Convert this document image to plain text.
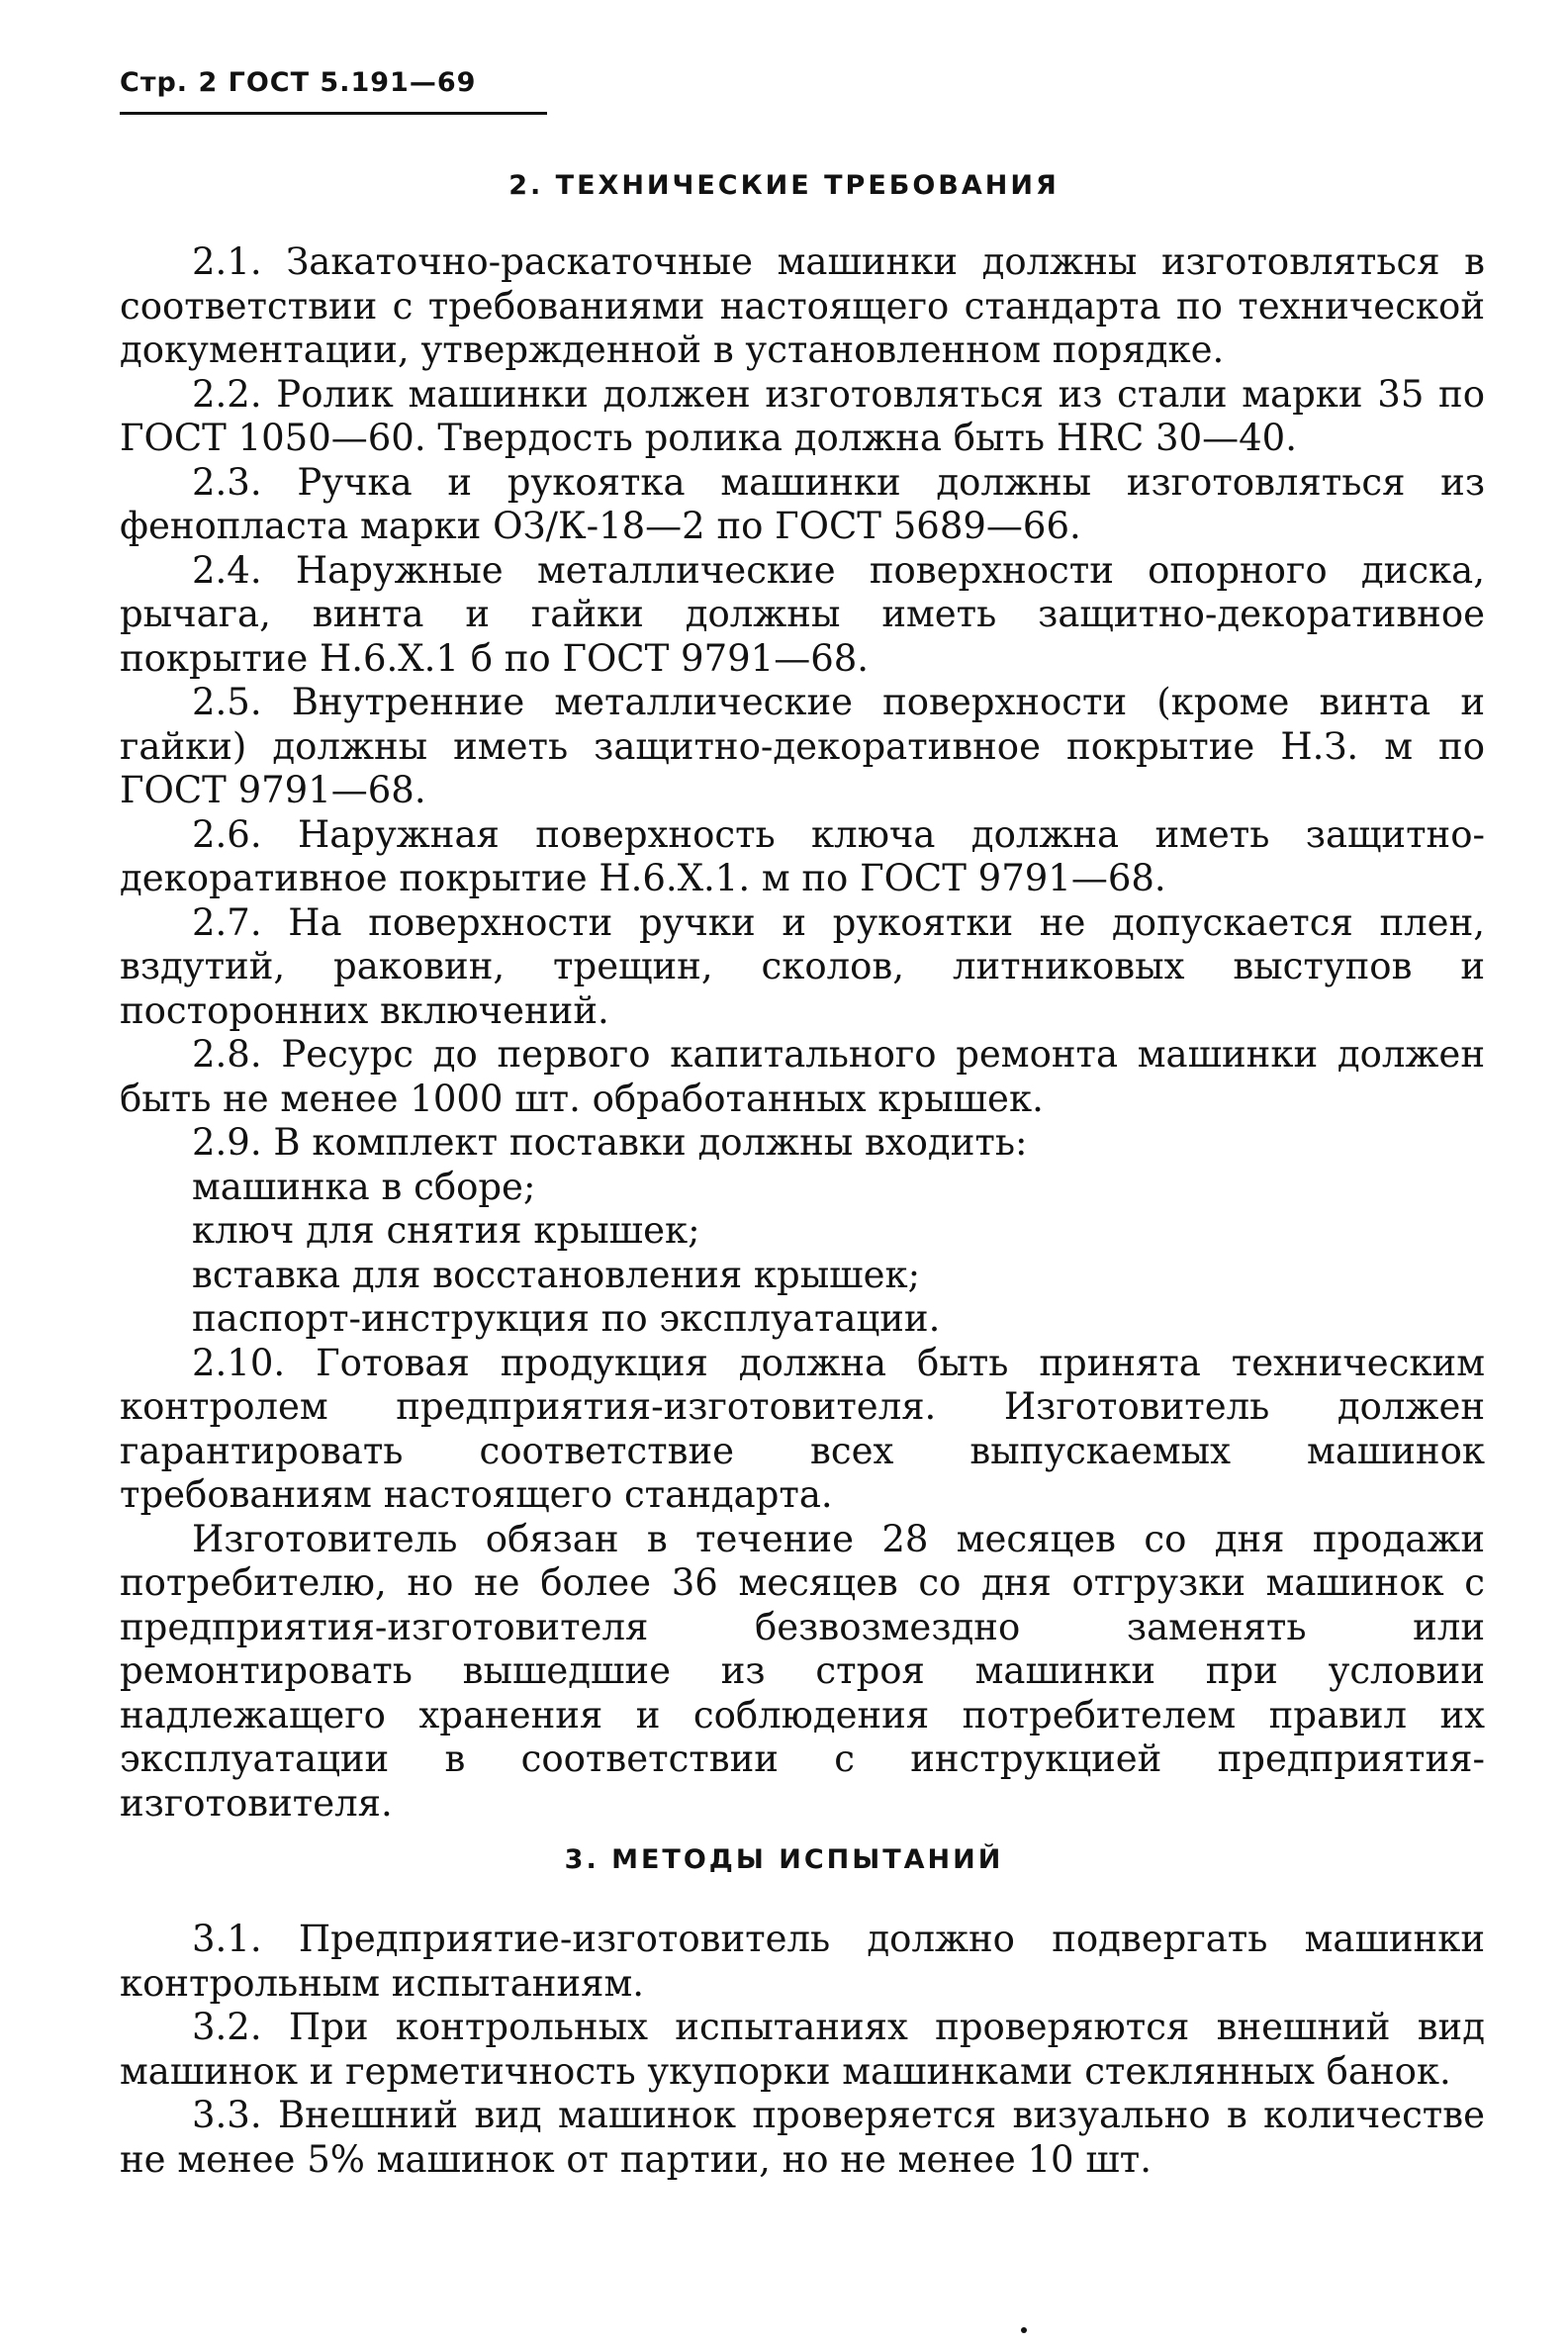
Стр. 2 ГОСТ 5.191—69
2. ТЕХНИЧЕСКИЕ ТРЕБОВАНИЯ

2.1. Закаточно-раскаточные машинки должны изготовляться в соответствии с требованиями настоящего стандарта по технической документации, утвержденной в установленном порядке.

2.2. Ролик машинки должен изготовляться из стали марки 35 по ГОСТ 1050—60. Твердость ролика должна быть HRC 30—40.

2.3. Ручка и рукоятка машинки должны изготовляться из фенопласта марки ОЗ/К-18—2 по ГОСТ 5689—66.

2.4. Наружные металлические поверхности опорного диска, рычага, винта и гайки должны иметь защитно-декоративное покрытие Н.6.Х.1 б по ГОСТ 9791—68.

2.5. Внутренние металлические поверхности (кроме винта и гайки) должны иметь защитно-декоративное покрытие Н.З. м по ГОСТ 9791—68.

2.6. Наружная поверхность ключа должна иметь защитно-декоративное покрытие Н.6.Х.1. м по ГОСТ 9791—68.

2.7. На поверхности ручки и рукоятки не допускается плен, вздутий, раковин, трещин, сколов, литниковых выступов и посторонних включений.

2.8. Ресурс до первого капитального ремонта машинки должен быть не менее 1000 шт. обработанных крышек.

2.9. В комплект поставки должны входить:

машинка в сборе;

ключ для снятия крышек;

вставка для восстановления крышек;

паспорт-инструкция по эксплуатации.

2.10. Готовая продукция должна быть принята техническим контролем предприятия-изготовителя. Изготовитель должен гарантировать соответствие всех выпускаемых машинок требованиям настоящего стандарта.

Изготовитель обязан в течение 28 месяцев со дня продажи потребителю, но не более 36 месяцев со дня отгрузки машинок с предприятия-изготовителя безвозмездно заменять или ремонтировать вышедшие из строя машинки при условии надлежащего хранения и соблюдения потребителем правил их эксплуатации в соответствии с инструкцией предприятия-изготовителя.

3. МЕТОДЫ ИСПЫТАНИЙ

3.1. Предприятие-изготовитель должно подвергать машинки контрольным испытаниям.

3.2. При контрольных испытаниях проверяются внешний вид машинок и герметичность укупорки машинками стеклянных банок.

3.3. Внешний вид машинок проверяется визуально в количестве не менее 5% машинок от партии, но не менее 10 шт.
